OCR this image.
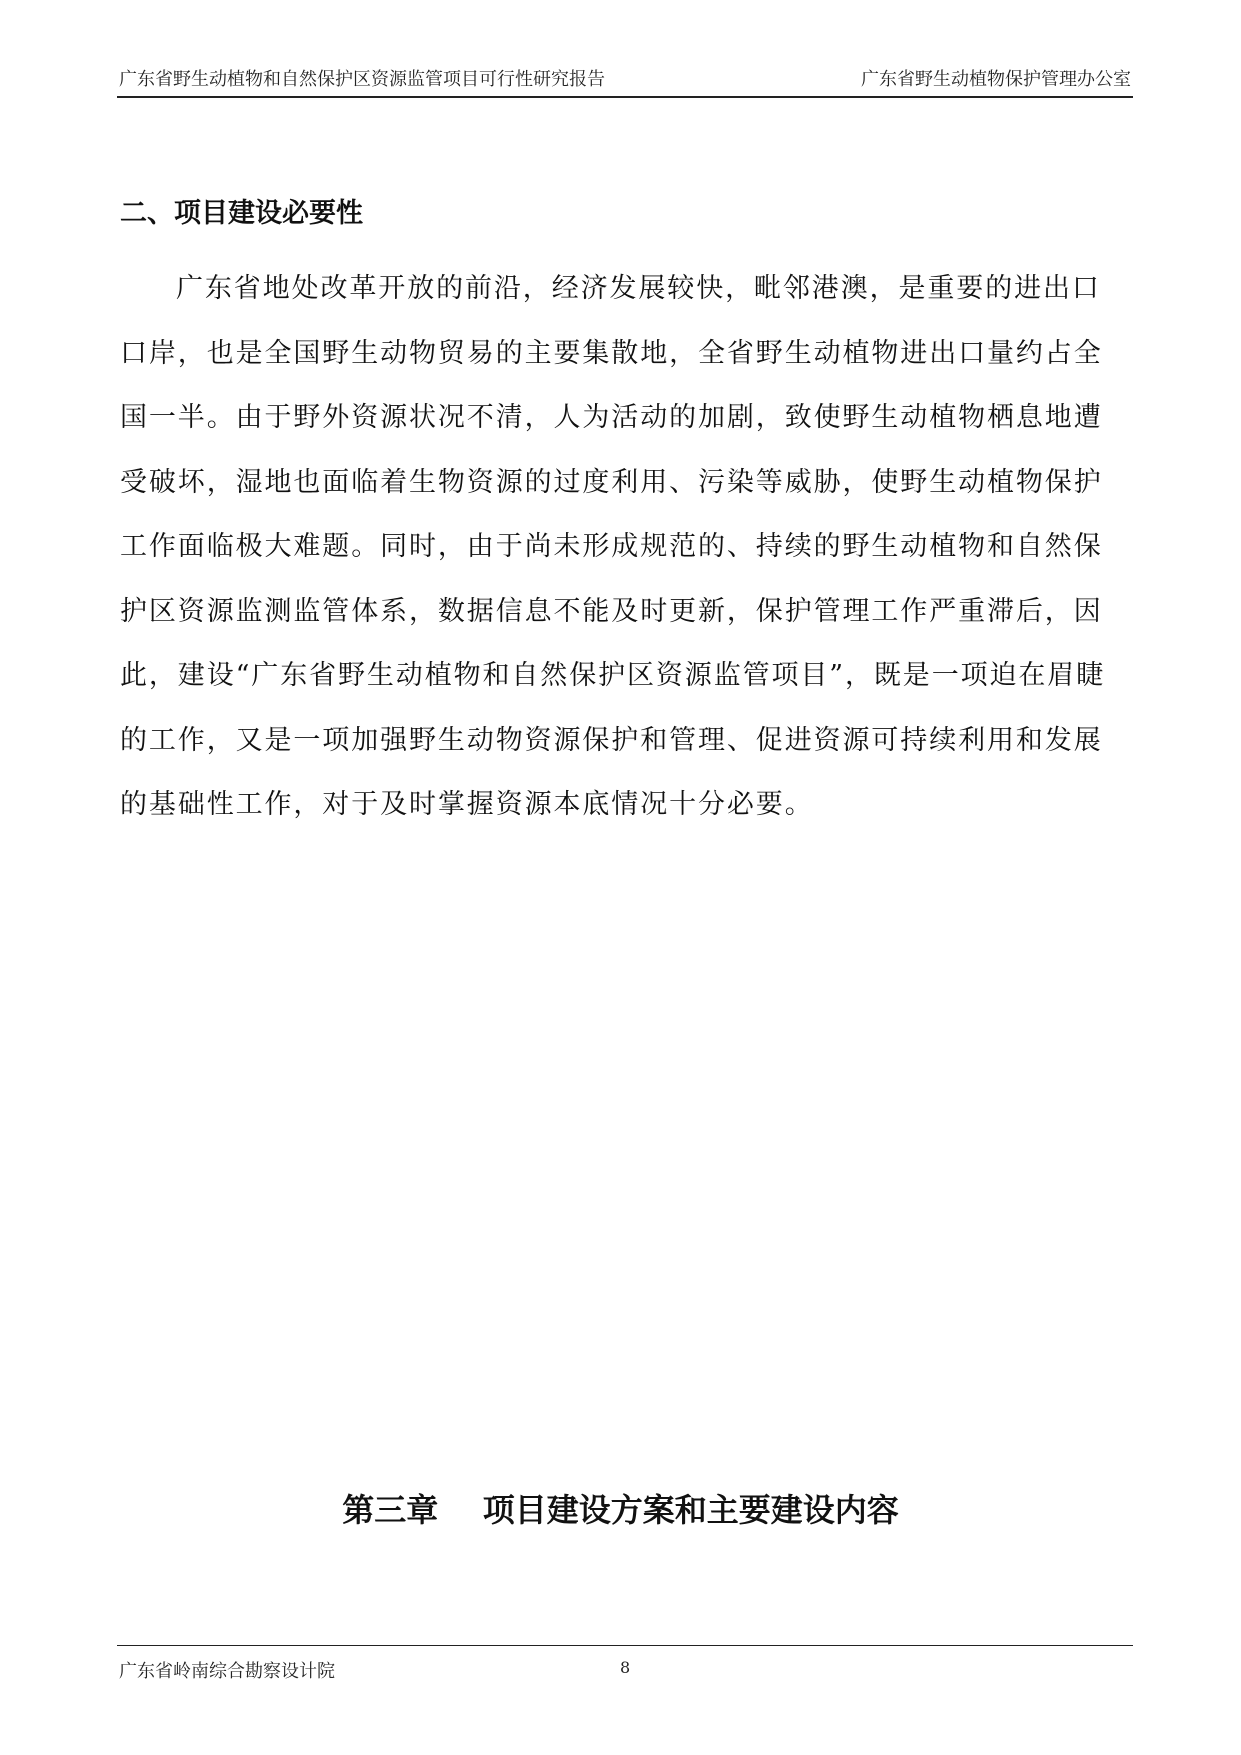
广东省野生动植物和自然保护区资源监管项目可行性研究报告	广东省野生动植物保护管理办公室
二、项目建设必要性
广东省地处改革开放的前沿，经济发展较快，毗邻港澳，是重要的进出口
口岸，也是全国野生动物贸易的主要集散地，全省野生动植物进出口量约占全
国一半。由于野外资源状况不清，人为活动的加剧，致使野生动植物栖息地遭
受破坏，湿地也面临着生物资源的过度利用、污染等威胁，使野生动植物保护
工作面临极大难题。同时，由于尚未形成规范的、持续的野生动植物和自然保
护区资源监测监管体系，数据信息不能及时更新，保护管理工作严重滞后，因
此，建设“广东省野生动植物和自然保护区资源监管项目”，既是一项迫在眉睫
的工作，又是一项加强野生动物资源保护和管理、促进资源可持续利用和发展
的基础性工作，对于及时掌握资源本底情况十分必要。
第三章    项目建设方案和主要建设内容
广东省岭南综合勘察设计院	8
